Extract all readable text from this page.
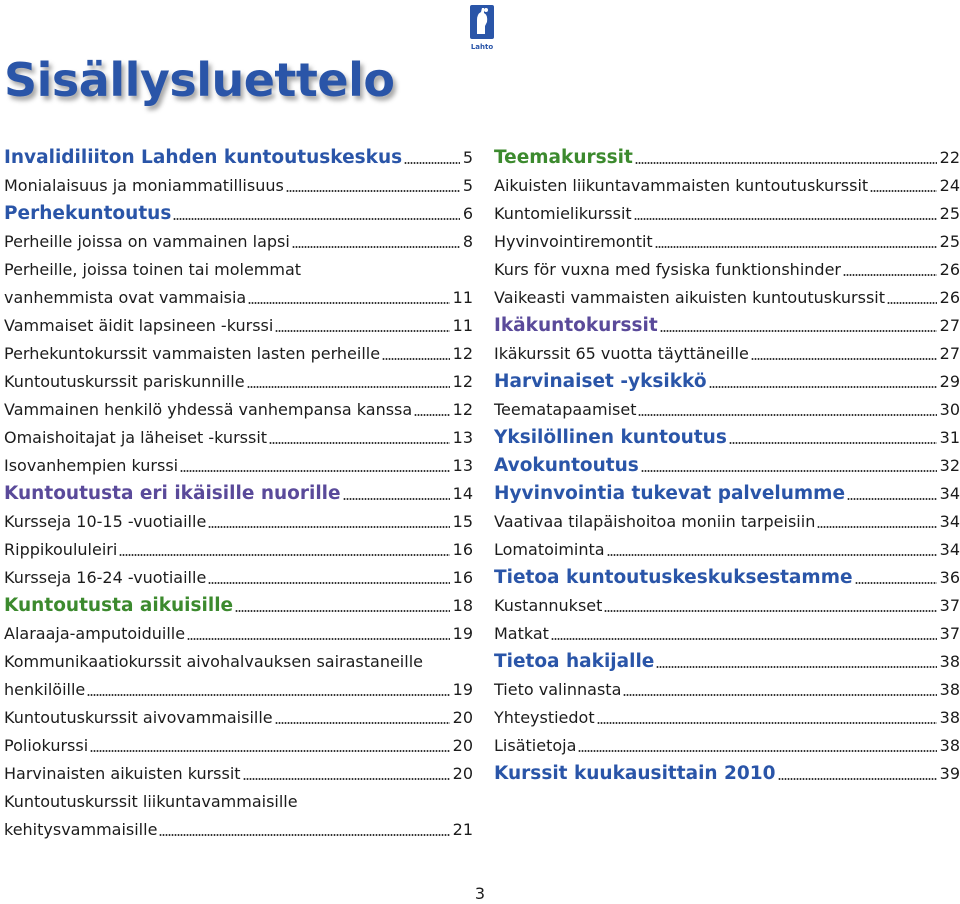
Lahto
Sisällysluettelo
Invalidiliiton Lahden kuntoutuskeskus	5
Monialaisuus ja moniammatillisuus	5
Perhekuntoutus	6
Perheille joissa on vammainen lapsi	8
Perheille, joissa toinen tai molemmat
vanhemmista ovat vammaisia	11
Vammaiset äidit lapsineen -kurssi	11
Perhekuntokurssit vammaisten lasten perheille	12
Kuntoutuskurssit pariskunnille	12
Vammainen henkilö yhdessä vanhempansa kanssa	12
Omaishoitajat ja läheiset -kurssit	13
Isovanhempien kurssi	13
Kuntoutusta eri ikäisille nuorille	14
Kursseja 10-15 -vuotiaille	15
Rippikoululeiri	16
Kursseja 16-24 -vuotiaille	16
Kuntoutusta aikuisille	18
Alaraaja-amputoiduille	19
Kommunikaatiokurssit aivohalvauksen sairastaneille
henkilöille	19
Kuntoutuskurssit aivovammaisille	20
Poliokurssi	20
Harvinaisten aikuisten kurssit	20
Kuntoutuskurssit liikuntavammaisille
kehitysvammaisille	21
Teemakurssit	22
Aikuisten liikuntavammaisten kuntoutuskurssit	24
Kuntomielikurssit	25
Hyvinvointiremontit	25
Kurs för vuxna med fysiska funktionshinder	26
Vaikeasti vammaisten aikuisten kuntoutuskurssit	26
Ikäkuntokurssit	27
Ikäkurssit 65 vuotta täyttäneille	27
Harvinaiset -yksikkö	29
Teematapaamiset	30
Yksilöllinen kuntoutus	31
Avokuntoutus	32
Hyvinvointia tukevat palvelumme	34
Vaativaa tilapäishoitoa moniin tarpeisiin	34
Lomatoiminta	34
Tietoa kuntoutuskeskuksestamme	36
Kustannukset	37
Matkat	37
Tietoa hakijalle	38
Tieto valinnasta	38
Yhteystiedot	38
Lisätietoja	38
Kurssit kuukausittain 2010	39
3
